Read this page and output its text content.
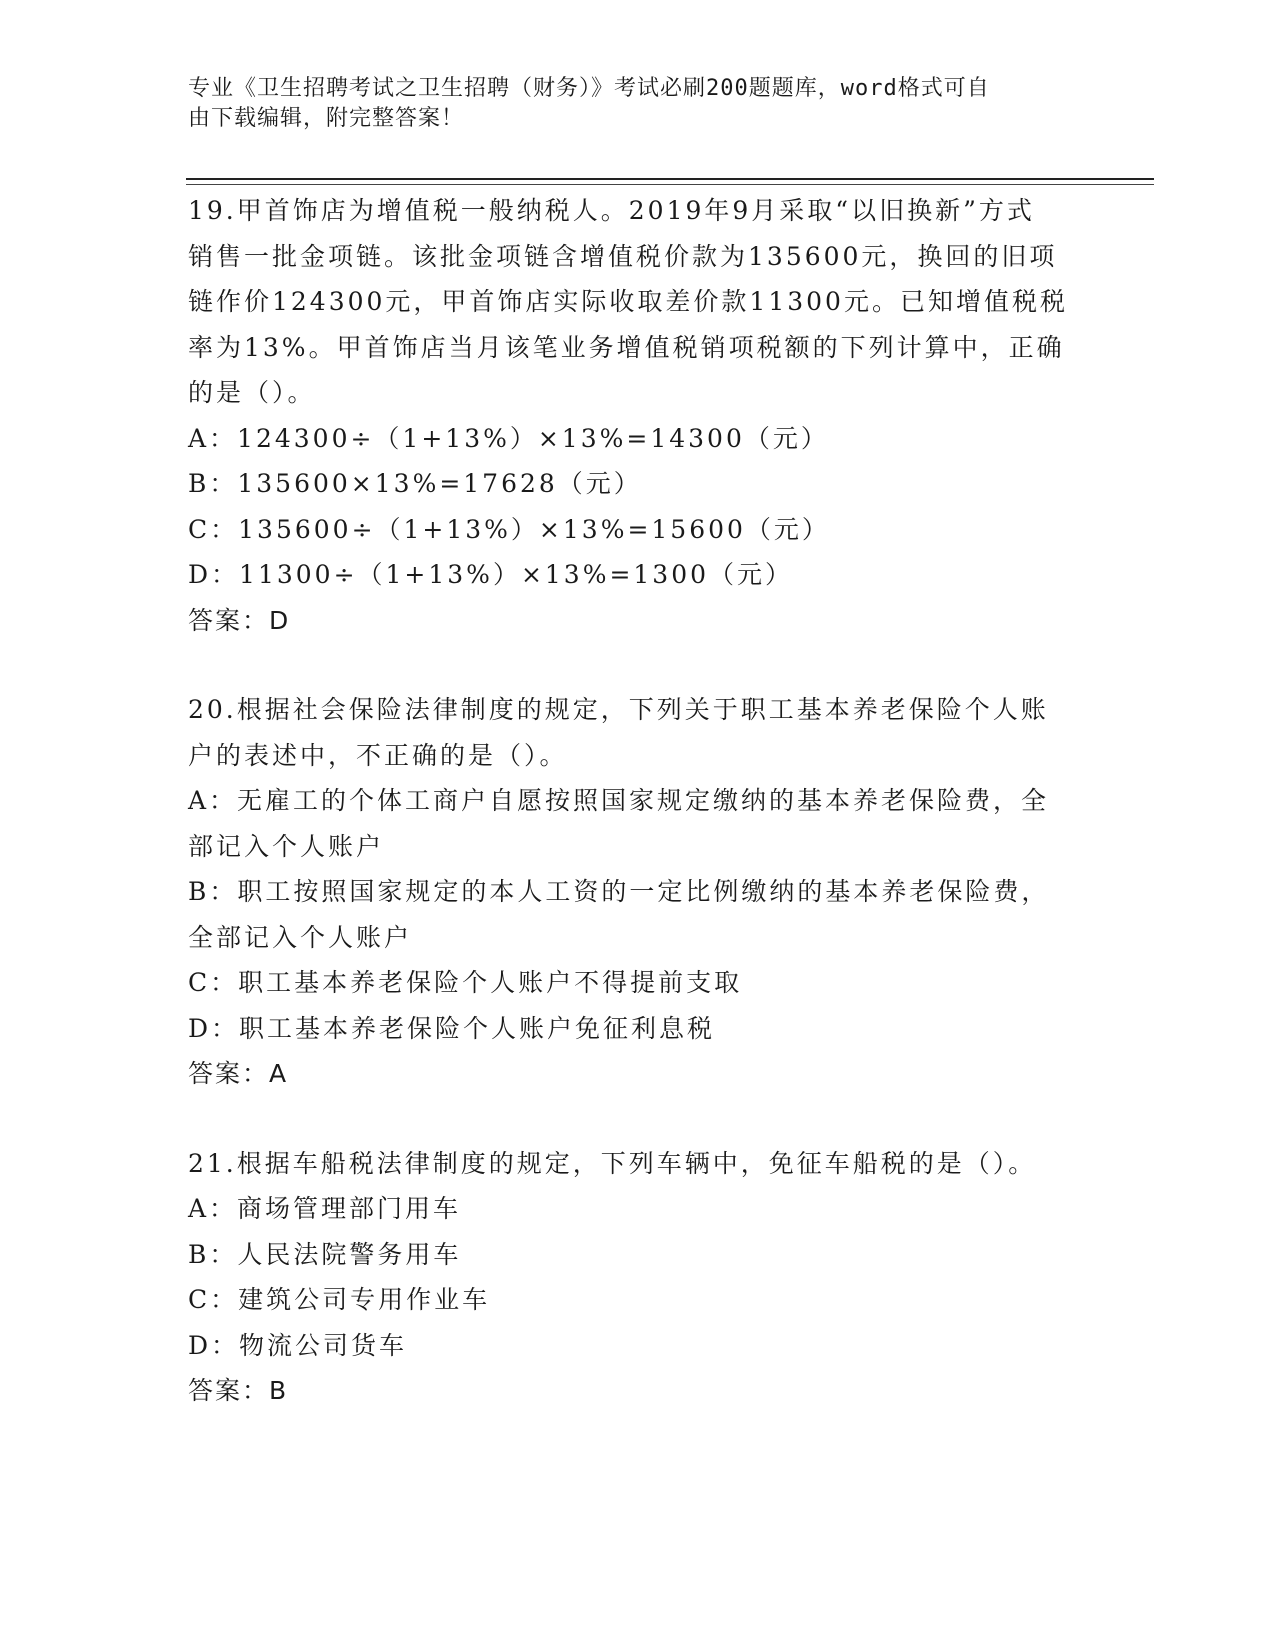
专业《卫生招聘考试之卫生招聘（财务）》考试必刷200题题库，word格式可自
由下载编辑，附完整答案！
19.甲首饰店为增值税一般纳税人。2019年9月采取“以旧换新”方式
销售一批金项链。该批金项链含增值税价款为135600元，换回的旧项
链作价124300元，甲首饰店实际收取差价款11300元。已知增值税税
率为13%。甲首饰店当月该笔业务增值税销项税额的下列计算中，正确
的是（）。
A：124300÷（1+13%）×13%=14300（元）
B：135600×13%=17628（元）
C：135600÷（1+13%）×13%=15600（元）
D：11300÷（1+13%）×13%=1300（元）
答案：D
20.根据社会保险法律制度的规定，下列关于职工基本养老保险个人账
户的表述中，不正确的是（）。
A：无雇工的个体工商户自愿按照国家规定缴纳的基本养老保险费，全
部记入个人账户
B：职工按照国家规定的本人工资的一定比例缴纳的基本养老保险费，
全部记入个人账户
C：职工基本养老保险个人账户不得提前支取
D：职工基本养老保险个人账户免征利息税
答案：A
21.根据车船税法律制度的规定，下列车辆中，免征车船税的是（）。
A：商场管理部门用车
B：人民法院警务用车
C：建筑公司专用作业车
D：物流公司货车
答案：B
